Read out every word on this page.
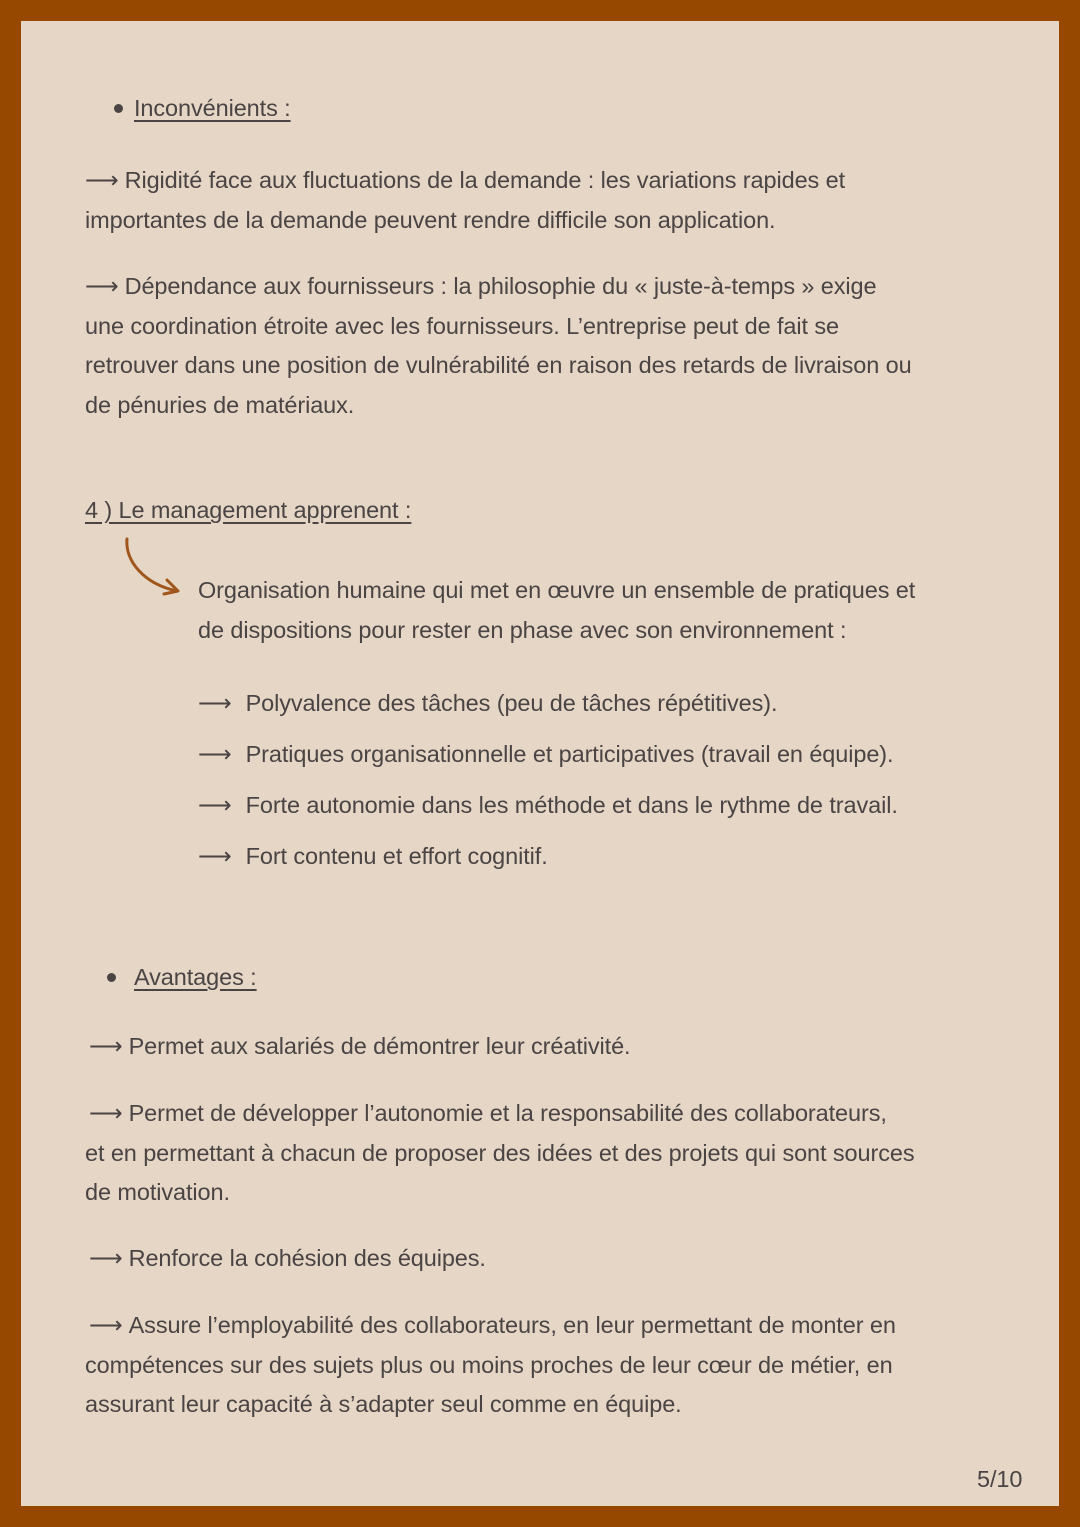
Inconvénients :
⟶ Rigidité face aux fluctuations de la demande : les variations rapides et
importantes de la demande peuvent rendre difficile son application.
⟶ Dépendance aux fournisseurs : la philosophie du « juste-à-temps » exige
une coordination étroite avec les fournisseurs. L’entreprise peut de fait se
retrouver dans une position de vulnérabilité en raison des retards de livraison ou
de pénuries de matériaux.
4 ) Le management apprenent :
Organisation humaine qui met en œuvre un ensemble de pratiques et
de dispositions pour rester en phase avec son environnement :
⟶ Polyvalence des tâches (peu de tâches répétitives).
⟶ Pratiques organisationnelle et participatives (travail en équipe).
⟶ Forte autonomie dans les méthode et dans le rythme de travail.
⟶ Fort contenu et effort cognitif.
Avantages :
⟶ Permet aux salariés de démontrer leur créativité.
⟶ Permet de développer l’autonomie et la responsabilité des collaborateurs,
et en permettant à chacun de proposer des idées et des projets qui sont sources
de motivation.
⟶ Renforce la cohésion des équipes.
⟶ Assure l’employabilité des collaborateurs, en leur permettant de monter en
compétences sur des sujets plus ou moins proches de leur cœur de métier, en
assurant leur capacité à s’adapter seul comme en équipe.
5/10
